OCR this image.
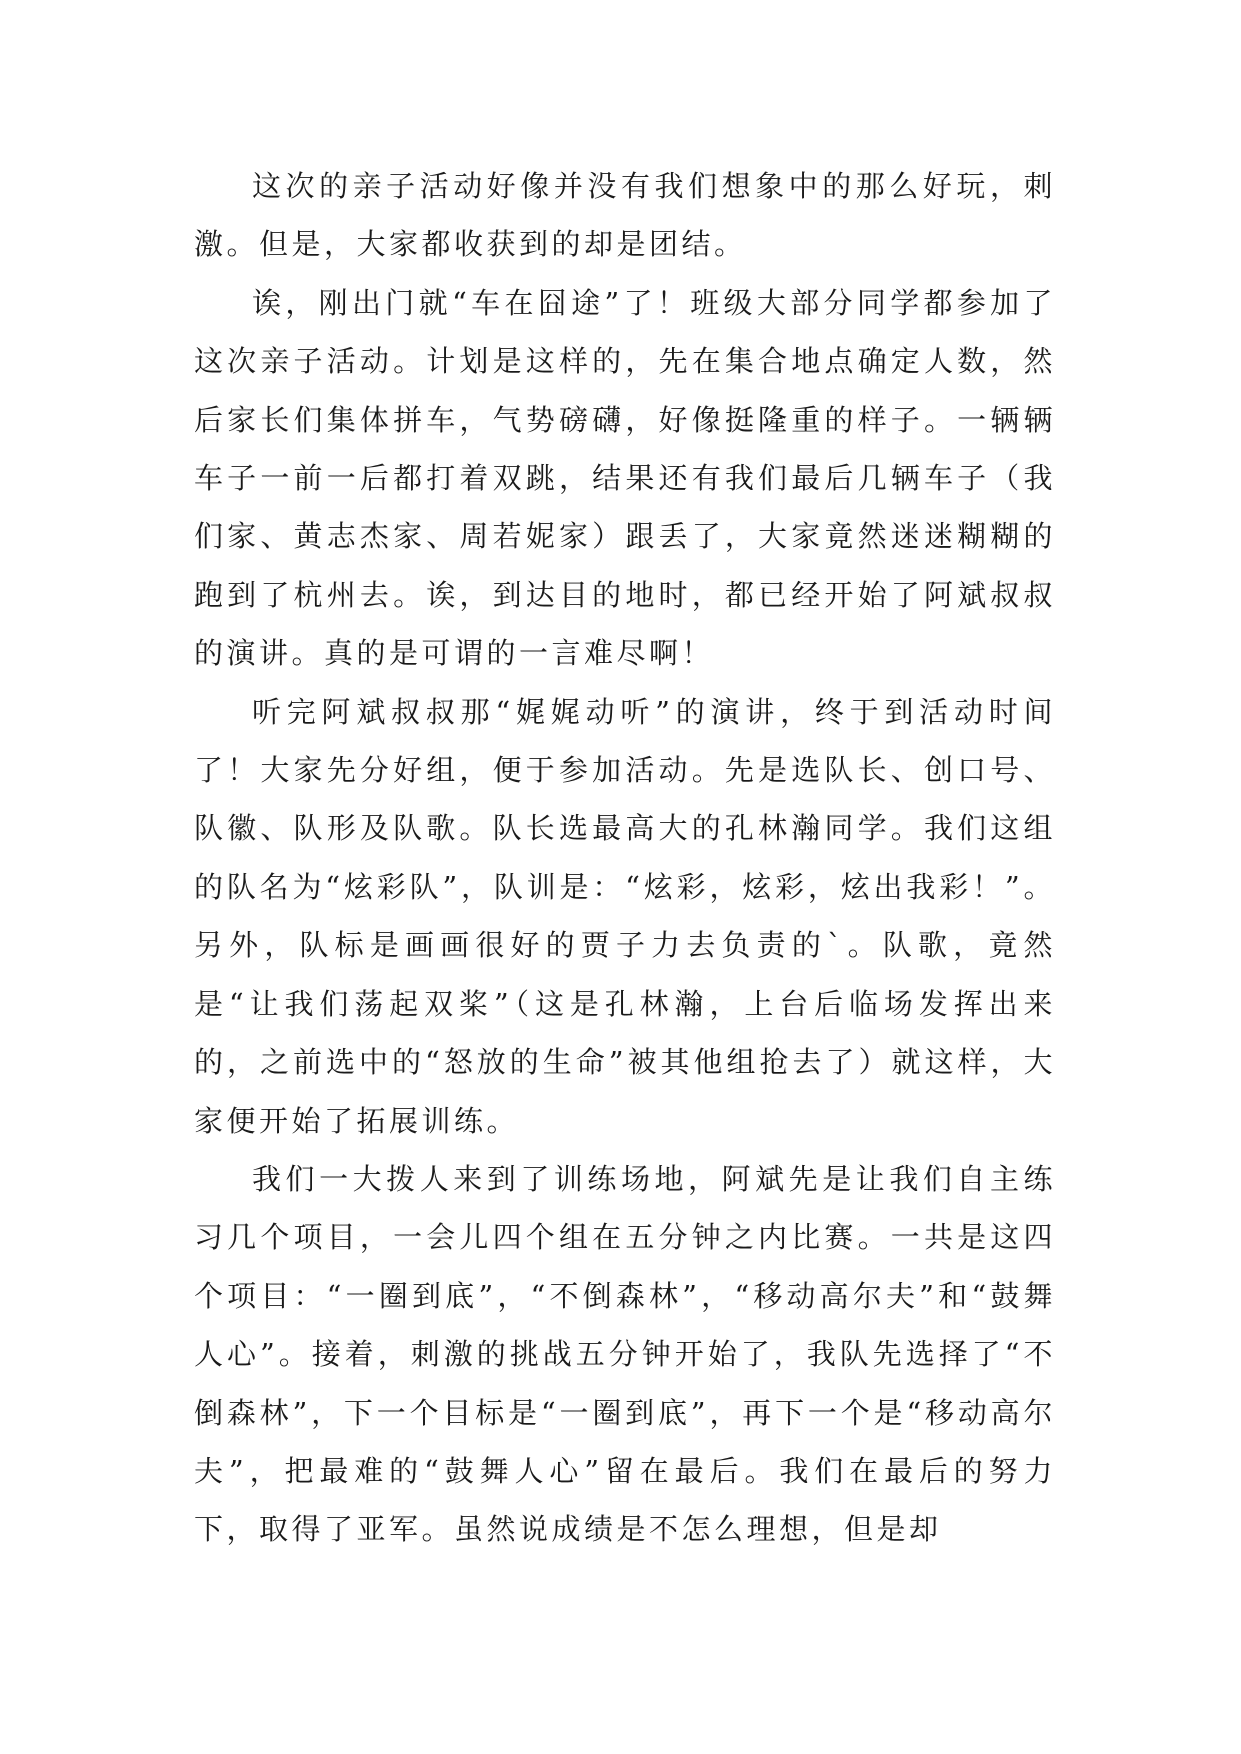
这次的亲子活动好像并没有我们想象中的那么好玩，刺激。但是，大家都收获到的却是团结。

诶，刚出门就“车在囧途”了！班级大部分同学都参加了这次亲子活动。计划是这样的，先在集合地点确定人数，然后家长们集体拼车，气势磅礴，好像挺隆重的样子。一辆辆车子一前一后都打着双跳，结果还有我们最后几辆车子（我们家、黄志杰家、周若妮家）跟丢了，大家竟然迷迷糊糊的跑到了杭州去。诶，到达目的地时，都已经开始了阿斌叔叔的演讲。真的是可谓的一言难尽啊！

听完阿斌叔叔那“娓娓动听”的演讲，终于到活动时间了！大家先分好组，便于参加活动。先是选队长、创口号、队徽、队形及队歌。队长选最高大的孔林瀚同学。我们这组的队名为“炫彩队”，队训是：“炫彩，炫彩，炫出我彩！”。另外，队标是画画很好的贾子力去负责的`。队歌，竟然是“让我们荡起双桨”（这是孔林瀚，上台后临场发挥出来的，之前选中的“怒放的生命”被其他组抢去了）就这样，大家便开始了拓展训练。

我们一大拨人来到了训练场地，阿斌先是让我们自主练习几个项目，一会儿四个组在五分钟之内比赛。一共是这四个项目：“一圈到底”，“不倒森林”，“移动高尔夫”和“鼓舞人心”。接着，刺激的挑战五分钟开始了，我队先选择了“不倒森林”，下一个目标是“一圈到底”，再下一个是“移动高尔夫”，把最难的“鼓舞人心”留在最后。我们在最后的努力下，取得了亚军。虽然说成绩是不怎么理想，但是却
